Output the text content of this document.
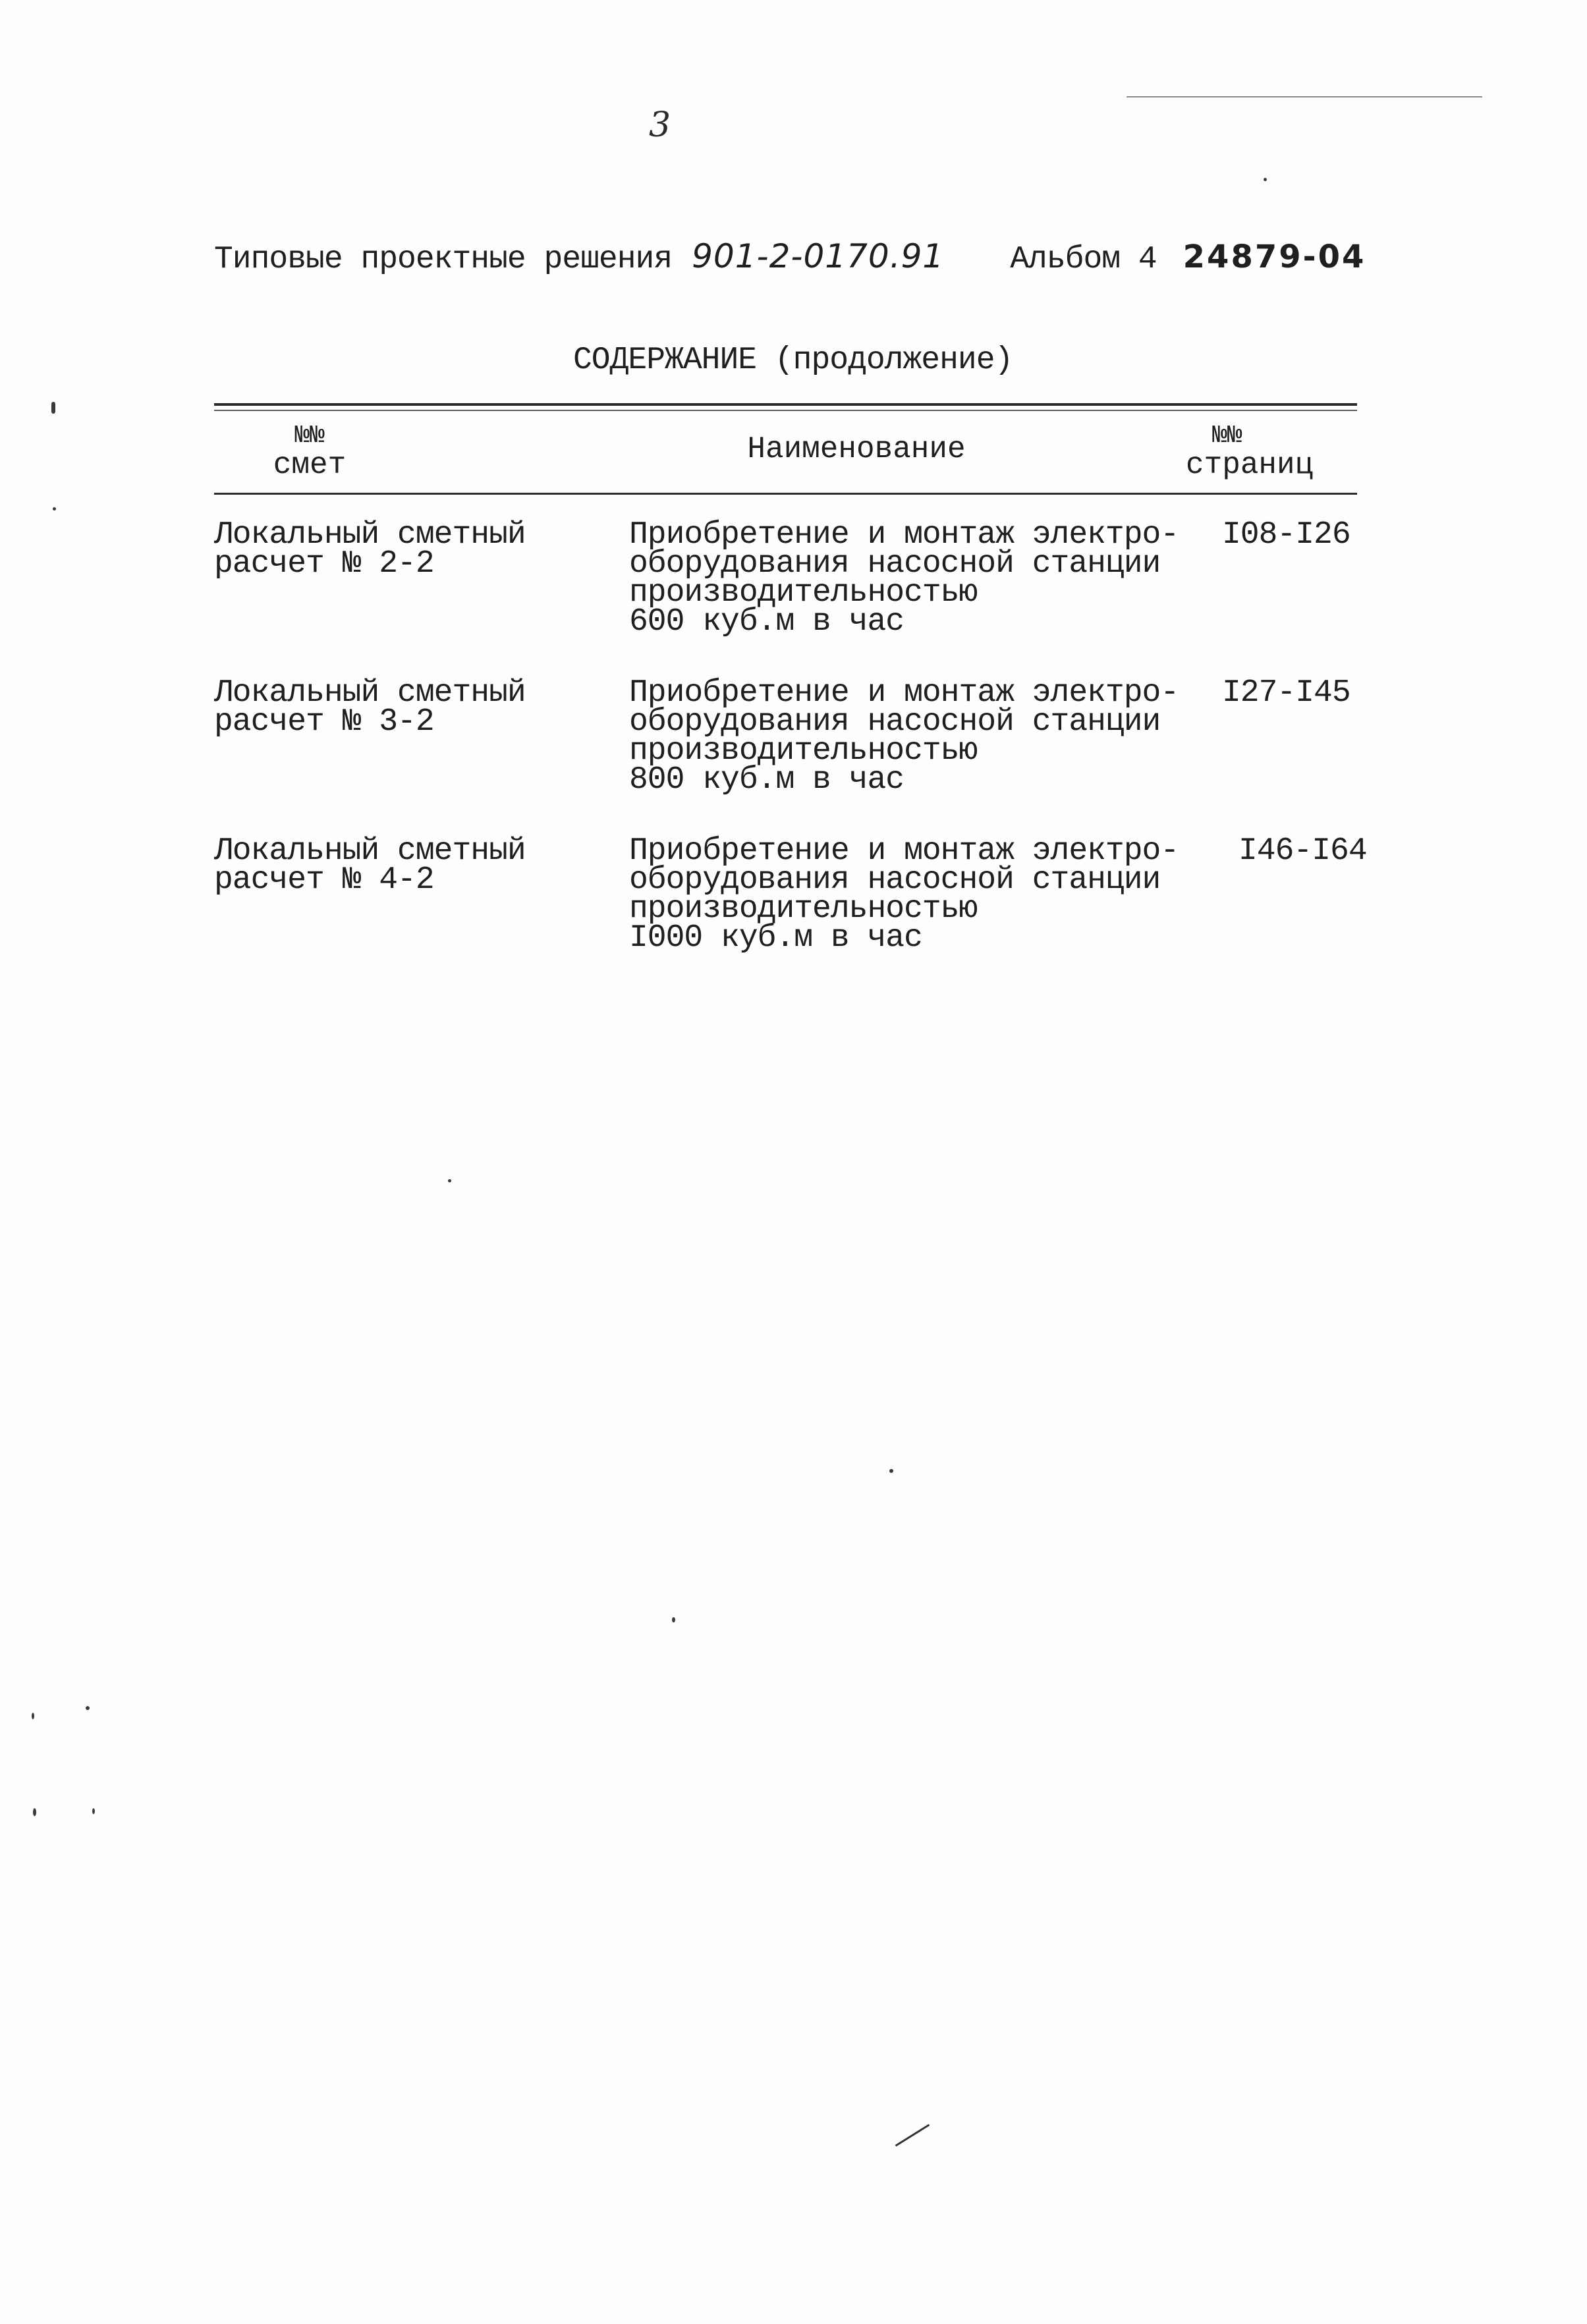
3
Типовые проектные решения 901-2-0170.91 Альбом 4 24879-04
СОДЕРЖАНИЕ (продолжение)
№№
смет	Наименование	№№
страниц
Локальный сметный
расчет № 2-2
Приобретение и монтаж электро-
оборудования насосной станции
производительностью
600 куб.м в час
I08-I26
Локальный сметный
расчет № 3-2
Приобретение и монтаж электро-
оборудования насосной станции
производительностью
800 куб.м в час
I27-I45
Локальный сметный
расчет № 4-2
Приобретение и монтаж электро-
оборудования насосной станции
производительностью
I000 куб.м в час
I46-I64
